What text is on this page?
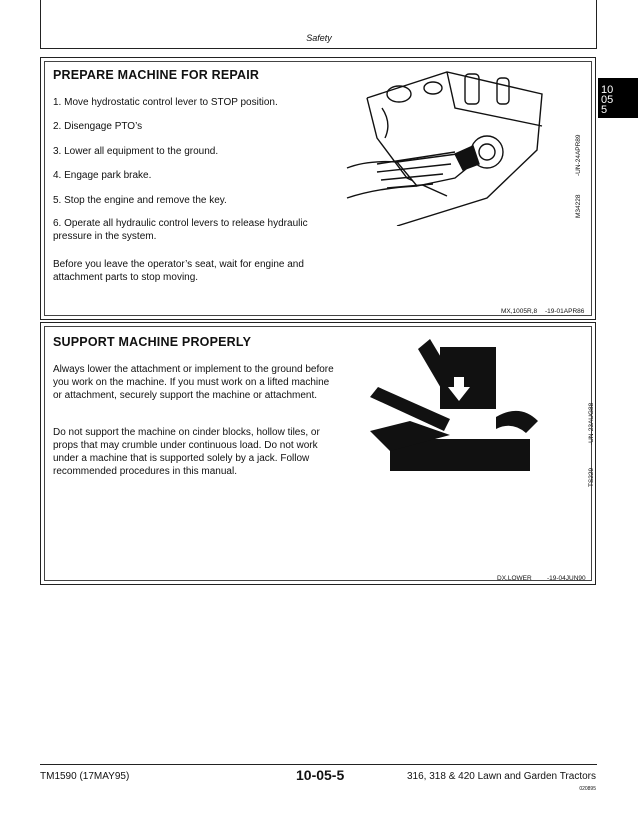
Safety
10
05
5
PREPARE MACHINE FOR REPAIR
1. Move hydrostatic control lever to STOP position.
2. Disengage PTO’s
3. Lower all equipment to the ground.
4. Engage park brake.
5. Stop the engine and remove the key.
6. Operate all hydraulic control levers to release hydraulic pressure in the system.
Before you leave the operator’s seat, wait for engine and attachment parts to stop moving.
M34228
-UN-24APR89
MX,1005R,8 -19-01APR86
SUPPORT MACHINE PROPERLY
Always lower the attachment or implement to the ground before you work on the machine. If you must work on a lifted machine or attachment, securely support the machine or attachment.
Do not support the machine on cinder blocks, hollow tiles, or props that may crumble under continuous load. Do not work under a machine that is supported solely by a jack. Follow recommended procedures in this manual.	TS229
-UN-23AUG88
DX,LOWER -19-04JUN90
TM1590 (17MAY95)	10-05-5	316, 318 & 420 Lawn and Garden Tractors
020895
